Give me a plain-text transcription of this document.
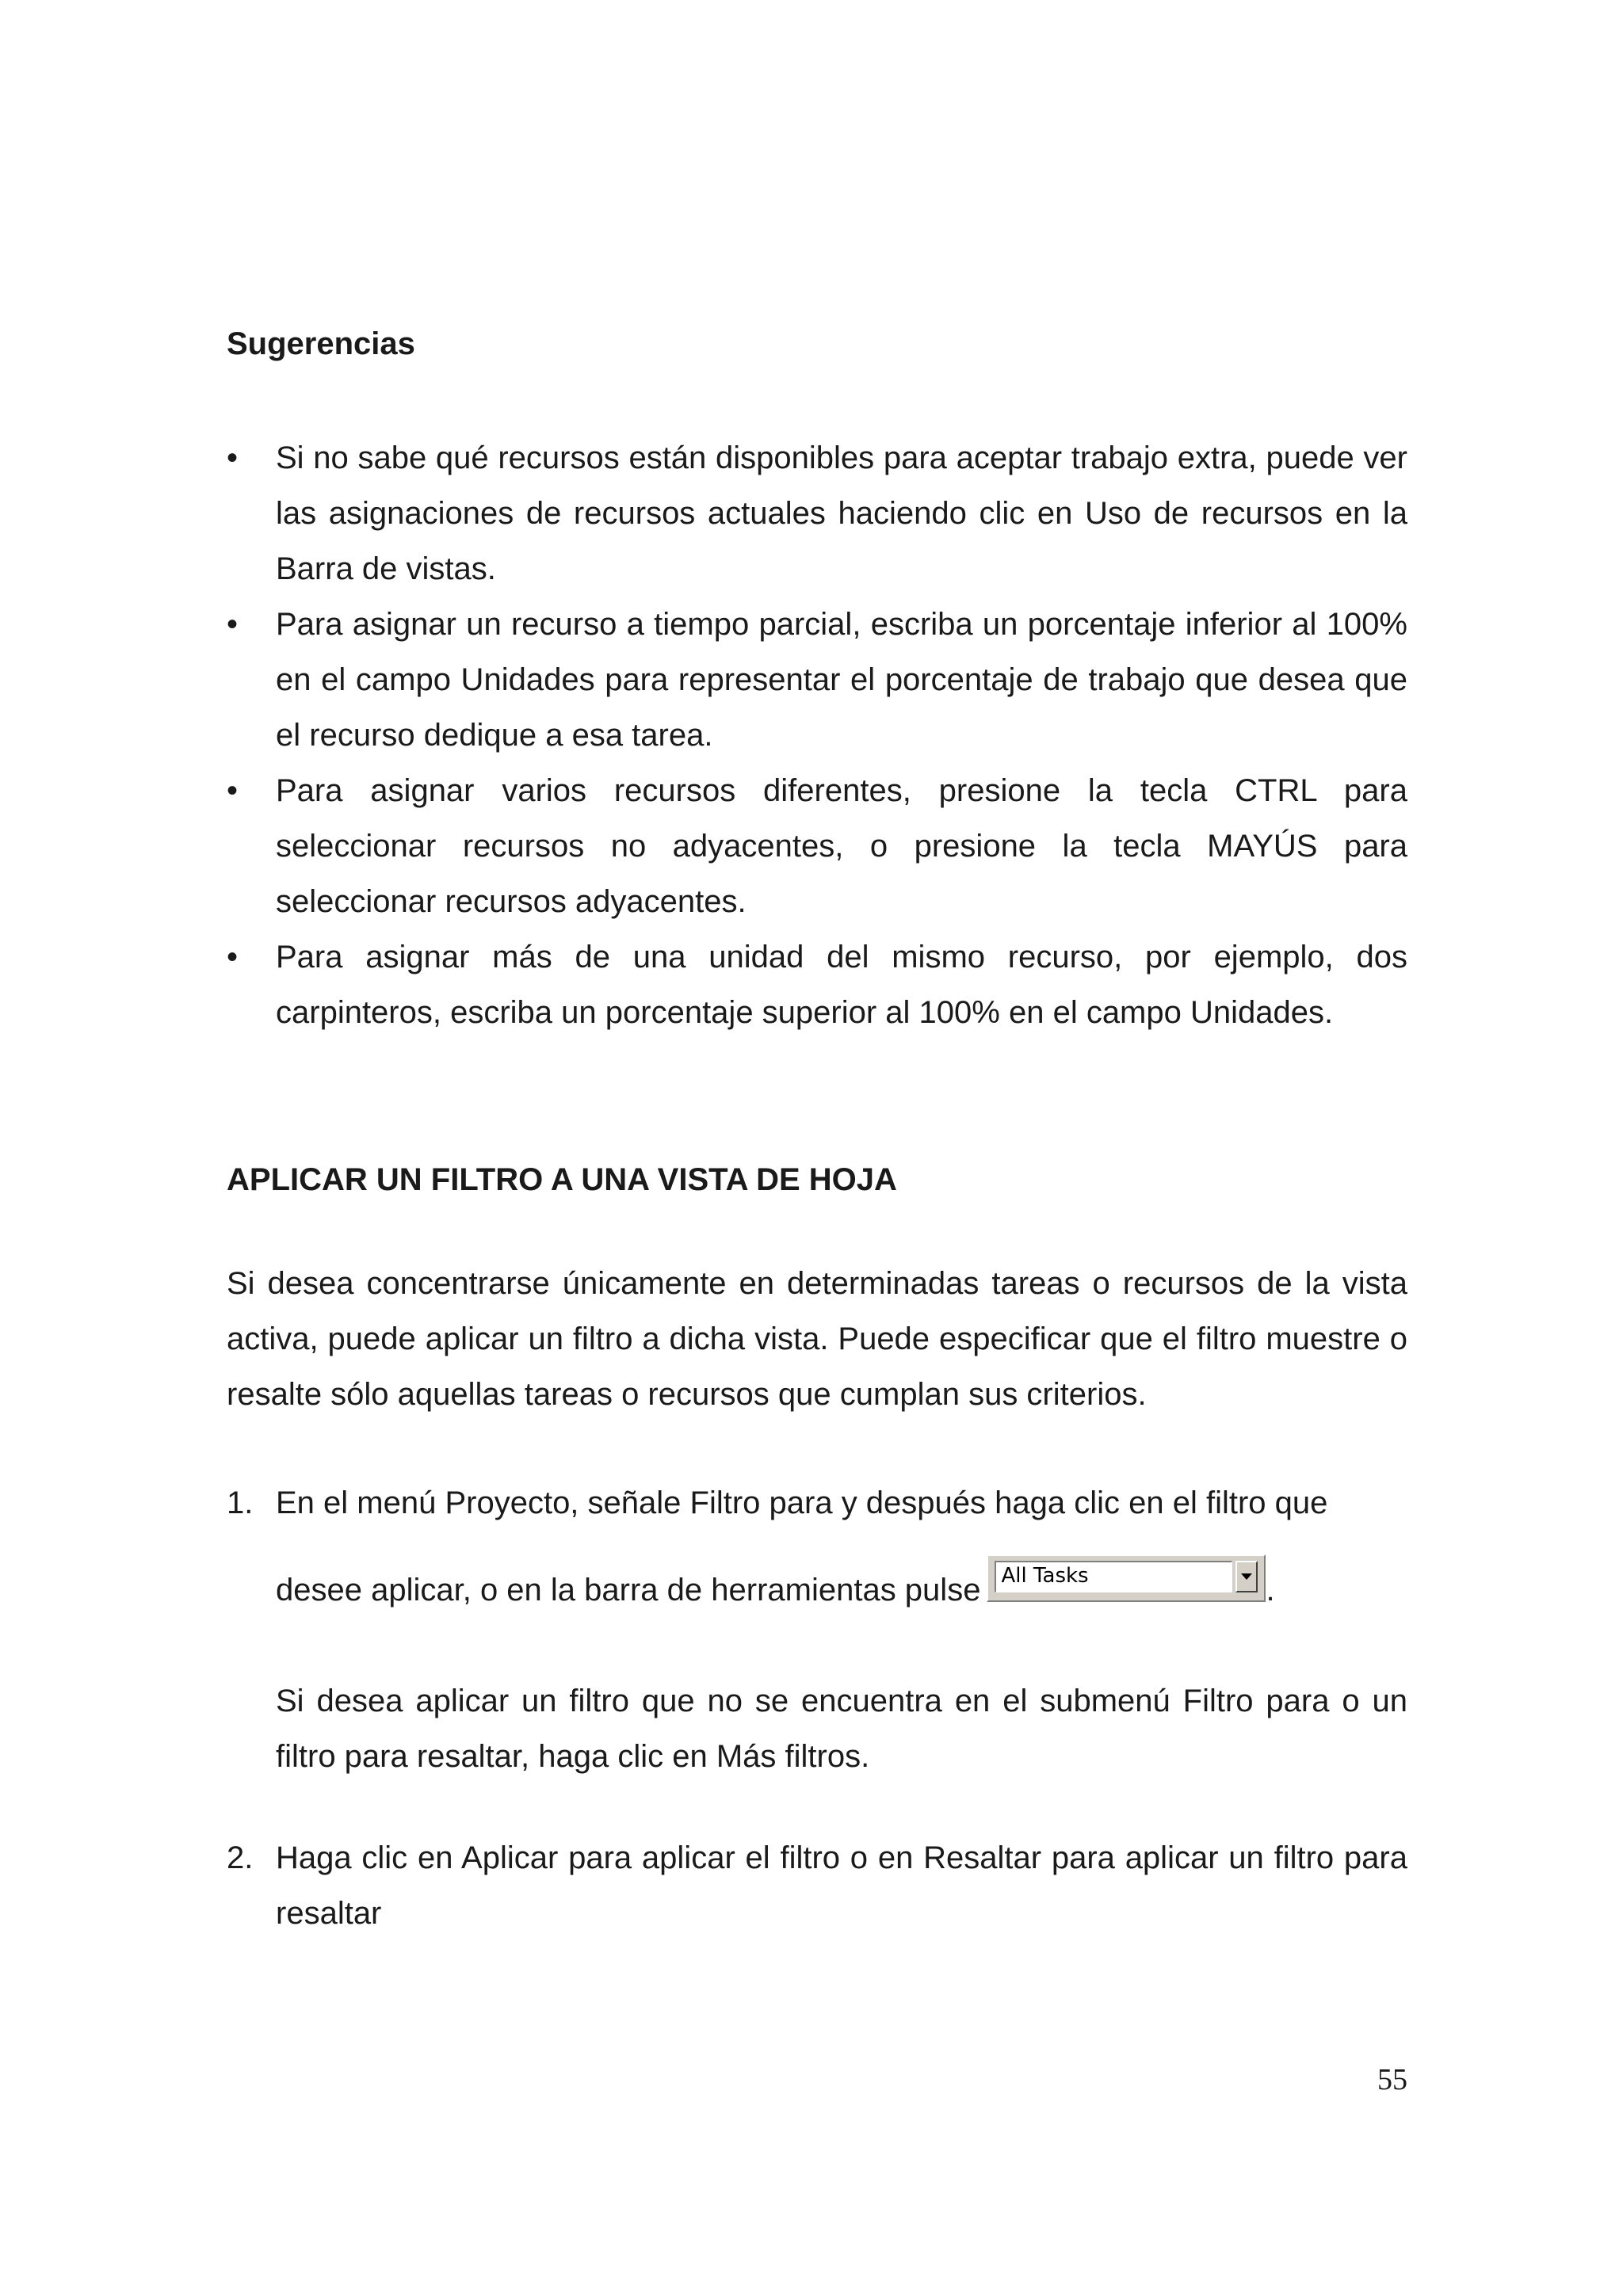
Sugerencias
•	Si no sabe qué recursos están disponibles para aceptar trabajo extra, puede ver las asignaciones de recursos actuales haciendo clic en Uso de recursos en la Barra de vistas.
•	Para asignar un recurso a tiempo parcial, escriba un porcentaje inferior al 100% en el campo Unidades para representar el porcentaje de trabajo que desea que el recurso dedique a esa tarea.
•	Para asignar varios recursos diferentes, presione la tecla CTRL para seleccionar recursos no adyacentes, o presione la tecla MAYÚS para seleccionar recursos adyacentes.
•	Para asignar más de una unidad del mismo recurso, por ejemplo, dos carpinteros, escriba un porcentaje superior al 100% en el campo Unidades.
APLICAR UN FILTRO A UNA VISTA DE HOJA

Si desea concentrarse únicamente en determinadas tareas o recursos de la vista activa, puede aplicar un filtro a dicha vista. Puede especificar que el filtro muestre o resalte sólo aquellas tareas o recursos que cumplan sus criterios.

1. En el menú Proyecto, señale Filtro para y después haga clic en el filtro que
desee aplicar, o en la barra de herramientas pulse	All Tasks	.
Si desea aplicar un filtro que no se encuentra en el submenú Filtro para o un filtro para resaltar, haga clic en Más filtros.
2. Haga clic en Aplicar para aplicar el filtro o en Resaltar para aplicar un filtro para resaltar
55
